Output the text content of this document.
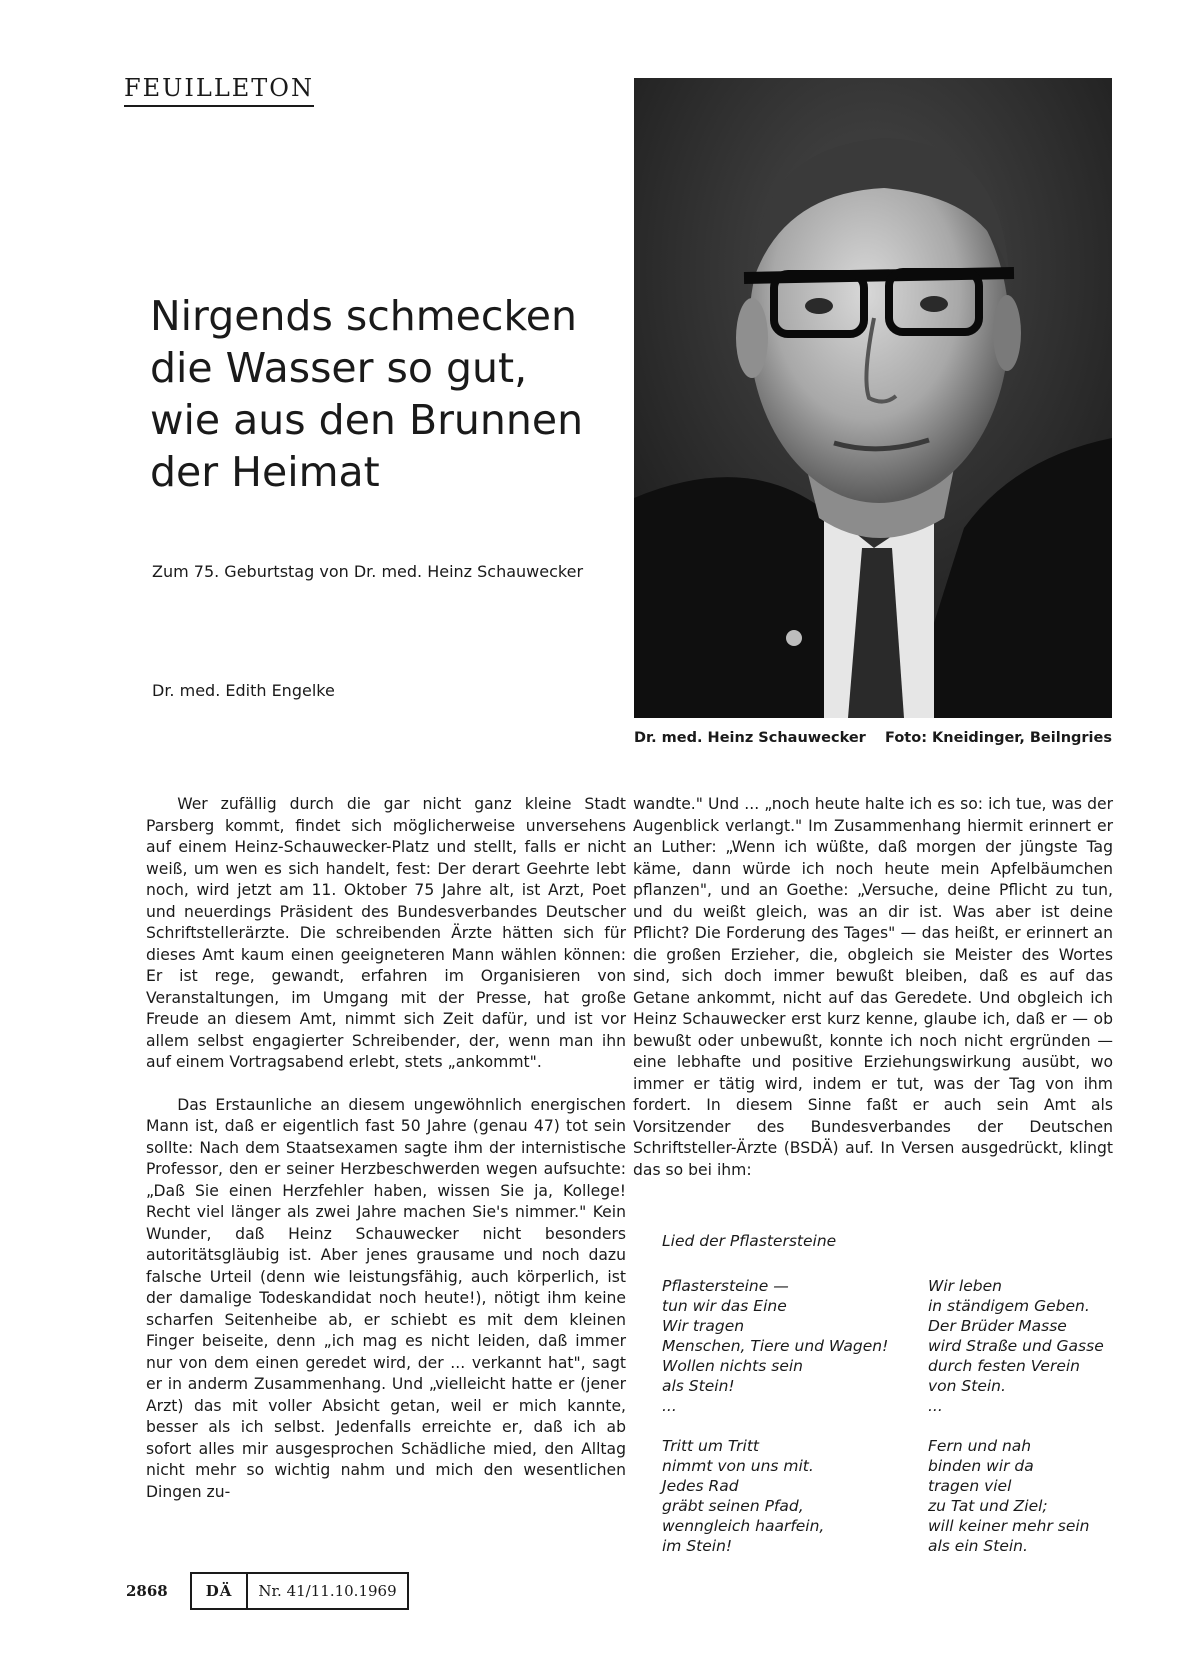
FEUILLETON
Nirgends schmecken
die Wasser so gut,
wie aus den Brunnen
der Heimat
Zum 75. Geburtstag von Dr. med. Heinz Schauwecker
Dr. med. Edith Engelke
Dr. med. Heinz Schauwecker Foto: Kneidinger, Beilngries

Wer zufällig durch die gar nicht ganz kleine Stadt Parsberg kommt, findet sich möglicherweise unversehens auf einem Heinz-Schauwecker-Platz und stellt, falls er nicht weiß, um wen es sich handelt, fest: Der derart Geehrte lebt noch, wird jetzt am 11. Oktober 75 Jahre alt, ist Arzt, Poet und neuerdings Präsident des Bundesverbandes Deutscher Schriftstellerärzte. Die schreibenden Ärzte hätten sich für dieses Amt kaum einen geeigneteren Mann wählen können: Er ist rege, gewandt, erfahren im Organisieren von Veranstaltungen, im Umgang mit der Presse, hat große Freude an diesem Amt, nimmt sich Zeit dafür, und ist vor allem selbst engagierter Schreibender, der, wenn man ihn auf einem Vortragsabend erlebt, stets „ankommt".

Das Erstaunliche an diesem ungewöhnlich energischen Mann ist, daß er eigentlich fast 50 Jahre (genau 47) tot sein sollte: Nach dem Staatsexamen sagte ihm der internistische Professor, den er seiner Herzbeschwerden wegen aufsuchte: „Daß Sie einen Herzfehler haben, wissen Sie ja, Kollege! Recht viel länger als zwei Jahre machen Sie's nimmer." Kein Wunder, daß Heinz Schauwecker nicht besonders autoritätsgläubig ist. Aber jenes grausame und noch dazu falsche Urteil (denn wie leistungsfähig, auch körperlich, ist der damalige Todeskandidat noch heute!), nötigt ihm keine scharfen Seitenheibe ab, er schiebt es mit dem kleinen Finger beiseite, denn „ich mag es nicht leiden, daß immer nur von dem einen geredet wird, der ... verkannt hat", sagt er in anderm Zusammenhang. Und „vielleicht hatte er (jener Arzt) das mit voller Absicht getan, weil er mich kannte, besser als ich selbst. Jedenfalls erreichte er, daß ich ab sofort alles mir ausgesprochen Schädliche mied, den Alltag nicht mehr so wichtig nahm und mich den wesentlichen Dingen zu-

wandte." Und ... „noch heute halte ich es so: ich tue, was der Augenblick verlangt." Im Zusammenhang hiermit erinnert er an Luther: „Wenn ich wüßte, daß morgen der jüngste Tag käme, dann würde ich noch heute mein Apfelbäumchen pflanzen", und an Goethe: „Versuche, deine Pflicht zu tun, und du weißt gleich, was an dir ist. Was aber ist deine Pflicht? Die Forderung des Tages" — das heißt, er erinnert an die großen Erzieher, die, obgleich sie Meister des Wortes sind, sich doch immer bewußt bleiben, daß es auf das Getane ankommt, nicht auf das Geredete. Und obgleich ich Heinz Schauwecker erst kurz kenne, glaube ich, daß er — ob bewußt oder unbewußt, konnte ich noch nicht ergründen — eine lebhafte und positive Erziehungswirkung ausübt, wo immer er tätig wird, indem er tut, was der Tag von ihm fordert. In diesem Sinne faßt er auch sein Amt als Vorsitzender des Bundesverbandes der Deutschen Schriftsteller-Ärzte (BSDÄ) auf. In Versen ausgedrückt, klingt das so bei ihm:

Lied der Pflastersteine
Pflastersteine —
tun wir das Eine
Wir tragen
Menschen, Tiere und Wagen!
Wollen nichts sein
als Stein!
...
Tritt um Tritt
nimmt von uns mit.
Jedes Rad
gräbt seinen Pfad,
wenngleich haarfein,
im Stein!
Wir leben
in ständigem Geben.
Der Brüder Masse
wird Straße und Gasse
durch festen Verein
von Stein.
...
Fern und nah
binden wir da
tragen viel
zu Tat und Ziel;
will keiner mehr sein
als ein Stein.
2868	DÄ	Nr. 41/11.10.1969
